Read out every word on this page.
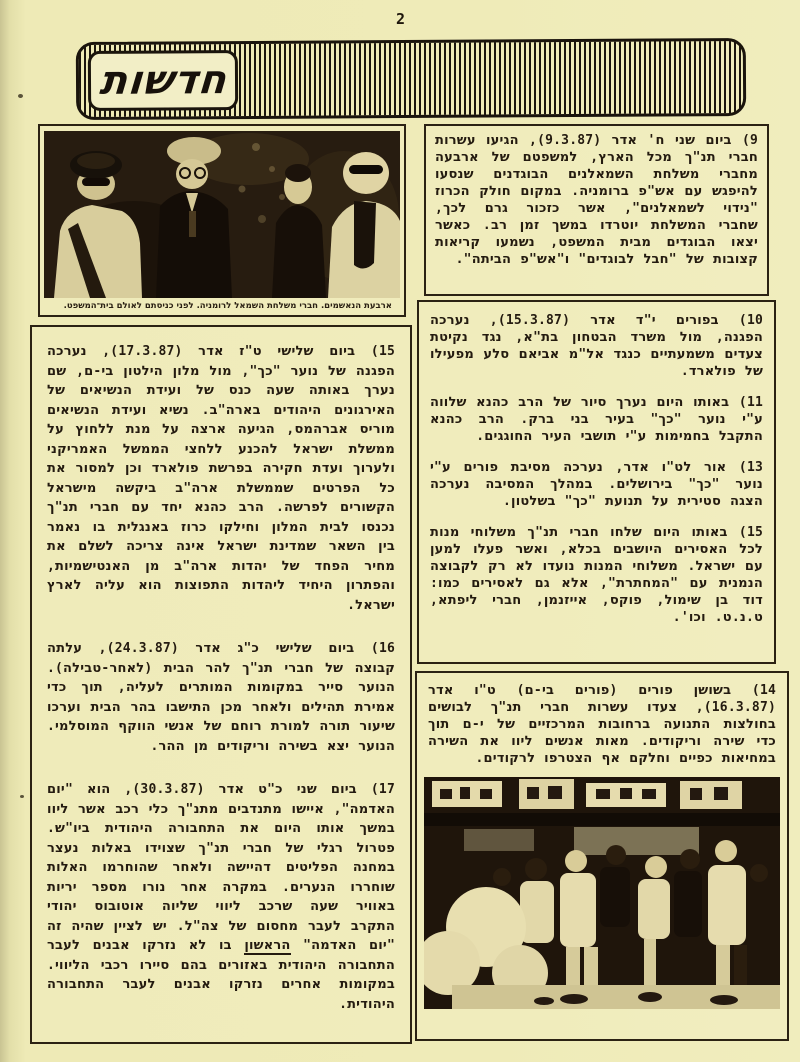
2
חדשות
ארבעת הנאשמים. חברי משלחת השמאל לרומניה. לפני כניסתם לאולם בית־המשפט.

9) ביום שני ח' אדר (9.3.87), הגיעו עשרות חברי תנ"ך מכל הארץ, למשפטם של ארבעה מחברי משלחת השמאלנים הבוגדנים שנסעו להיפגש עם אש"פ ברומניה. במקום חולק הכרוז "נידוי לשמאלנים", אשר כזכור גרם לכך, שחברי המשלחת יוטרדו במשך זמן רב. כאשר יצאו הבוגדים מבית המשפט, נשמעו קריאות קצובות של "חבל לבוגדים" ו"אש"פ הביתה".

10) בפורים י"ד אדר (15.3.87), נערכה הפגנה, מול משרד הבטחון בת"א, נגד נקיטת צעדים משמעתיים כנגד אל"מ אביאם סלע מפעילו של פולארד.

11) באותו היום נערך סיור של הרב כהנא שלווה ע"י נוער "כך" בעיר בני ברק. הרב כהנא התקבל בחמימות ע"י תושבי העיר החוגגים.

13) אור לט"ו אדר, נערכה מסיבת פורים ע"י נוער "כך" בירושלים. במהלך המסיבה נערכה הצגה סטירית על תנועת "כך" בשלטון.

15) באותו היום שלחו חברי תנ"ך משלוחי מנות לכל האסירים היושבים בכלא, ואשר פעלו למען עם ישראל. משלוחי המנות נועדו לא רק לקבוצה הנמנית עם "המחתרת", אלא גם לאסירים כמו: דוד בן שימול, פוקס, אייזנמן, חברי ליפתא, ט.נ.ט. וכו'.

14) בשושן פורים (פורים בי-ם) ט"ו אדר (16.3.87), צעדו עשרות חברי תנ"ך לבושים בחולצות התנועה ברחובות המרכזיים של י-ם תוך כדי שירה וריקודים. מאות אנשים ליוו את השירה במחיאות כפיים וחלקם אף הצטרפו לרקודים.

15) ביום שלישי ט"ז אדר (17.3.87), נערכה הפגנה של נוער "כך", מול מלון הילטון בי-ם, שם נערך באותה שעה כנס של ועידת הנשיאים של האירגונים היהודים בארה"ב. נשיא ועידת הנשיאים מוריס אברהמס, הגיעה ארצה על מנת ללחוץ על ממשלת ישראל להכנע ללחצי הממשל האמריקני ולערוך ועדת חקירה בפרשת פולארד וכן למסור את כל הפרטים שממשלת ארה"ב ביקשה מישראל הקשורים לפרשה. הרב כהנא יחד עם חברי תנ"ך נכנסו לבית המלון וחילקו כרוז באנגלית בו נאמר בין השאר שמדינת ישראל אינה צריכה לשלם את מחיר הפחד של יהדות ארה"ב מן האנטישמיות, והפתרון היחיד ליהדות התפוצות הוא עליה לארץ ישראל.

16) ביום שלישי כ"ג אדר (24.3.87), עלתה קבוצה של חברי תנ"ך להר הבית (לאחר-טבילה). הנוער סייר במקומות המותרים לעליה, תוך כדי אמירת תהילים ולאחר מכן התישבו בהר הבית וערכו שיעור תורה למורת רוחם של אנשי הווקף המוסלמי. הנוער יצא בשירה וריקודים מן ההר.

17) ביום שני כ"ט אדר (30.3.87), הוא "יום האדמה", איישו מתנדבים מתנ"ך כלי רכב אשר ליוו במשך אותו היום את התחבורה היהודית ביו"ש. פטרול רגלי של חברי תנ"ך שצוידו באלות נעצר במחנה הפליטים דהיישה ולאחר שהוחרמו האלות שוחררו הנערים. במקרה אחר נורו מספר יריות באוויר שעה שרכב ליווי שליוה אוטובוס יהודי התקרב לעבר מחסום של צה"ל. יש לציין שהיה זה "יום האדמה" הראשון בו לא נזרקו אבנים לעבר התחבורה היהודית באזורים בהם סיירו רכבי הליווי. במקומות אחרים נזרקו אבנים לעבר התחבורה היהודית.
